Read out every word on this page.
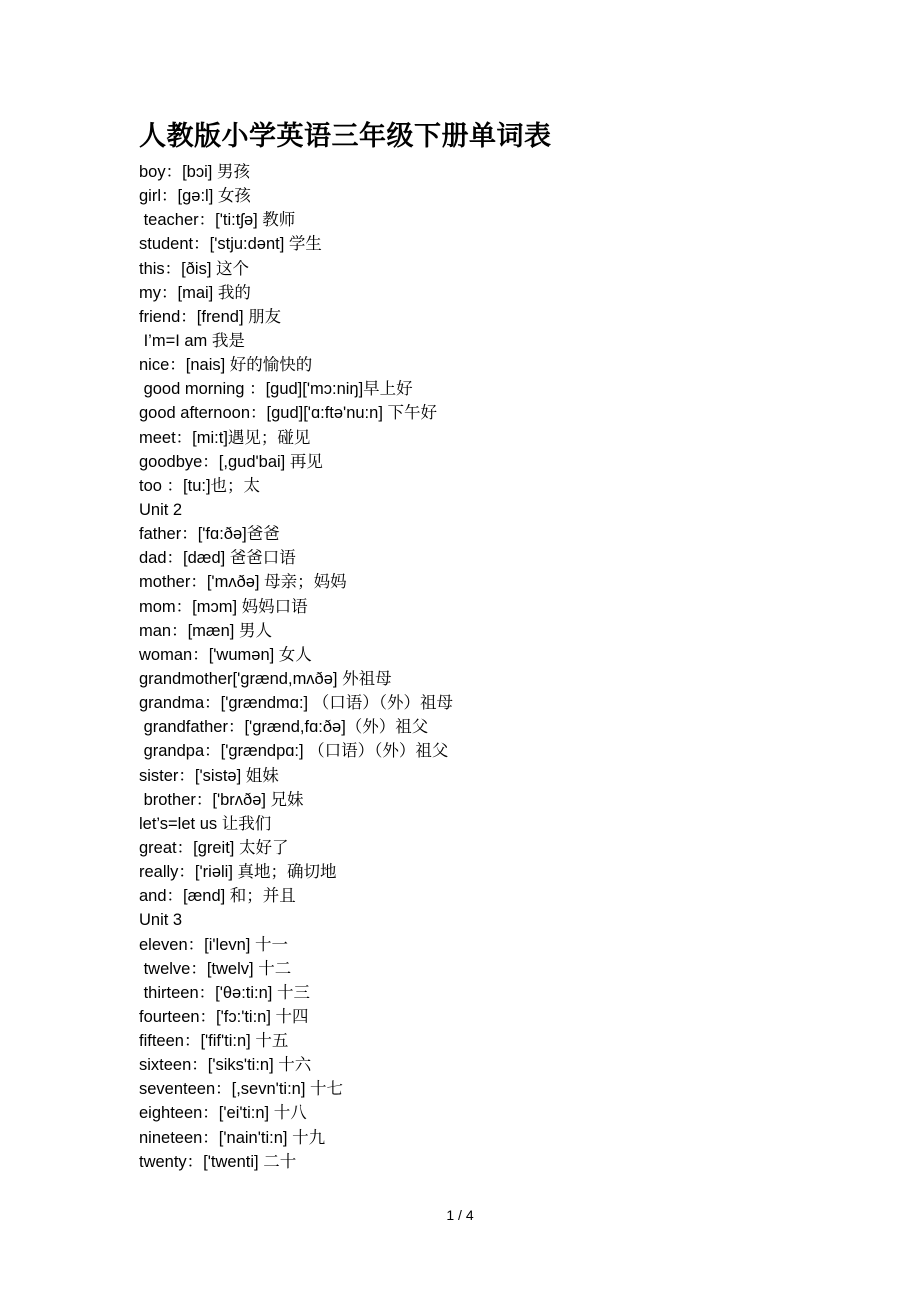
人教版小学英语三年级下册单词表
boy：[bɔi] 男孩
girl：[gə:l] 女孩
teacher：['ti:tʃə] 教师
student：['stju:dənt] 学生
this：[ðis] 这个
my：[mai] 我的
friend：[frend] 朋友
I’m=I am 我是
nice：[nais] 好的愉快的
good morning ：[gud]['mɔ:niŋ]早上好
good afternoon：[gud]['ɑ:ftə'nu:n] 下午好
meet：[mi:t]遇见；碰见
goodbye：[,gud'bai] 再见
too ：[tu:]也；太
Unit 2
father：['fɑ:ðə]爸爸
dad：[dæd] 爸爸口语
mother：['mʌðə] 母亲；妈妈
mom：[mɔm] 妈妈口语
man：[mæn] 男人
woman：['wumən] 女人
grandmother['grænd,mʌðə] 外祖母
grandma：['grændmɑ:] （口语）（外）祖母
grandfather：['grænd,fɑ:ðə]（外）祖父
grandpa：['grændpɑ:] （口语）（外）祖父
sister：['sistə] 姐妹
brother：['brʌðə] 兄妹
let’s=let us 让我们
great：[greit] 太好了
really：['riəli] 真地；确切地
and：[ænd] 和；并且
Unit 3
eleven：[i'levn] 十一
twelve：[twelv] 十二
thirteen：['θə:ti:n] 十三
fourteen：['fɔ:'ti:n] 十四
fifteen：['fif'ti:n] 十五
sixteen：['siks'ti:n] 十六
seventeen：[,sevn'ti:n] 十七
eighteen：['ei'ti:n] 十八
nineteen：['nain'ti:n] 十九
twenty：['twenti] 二十
1 / 4
